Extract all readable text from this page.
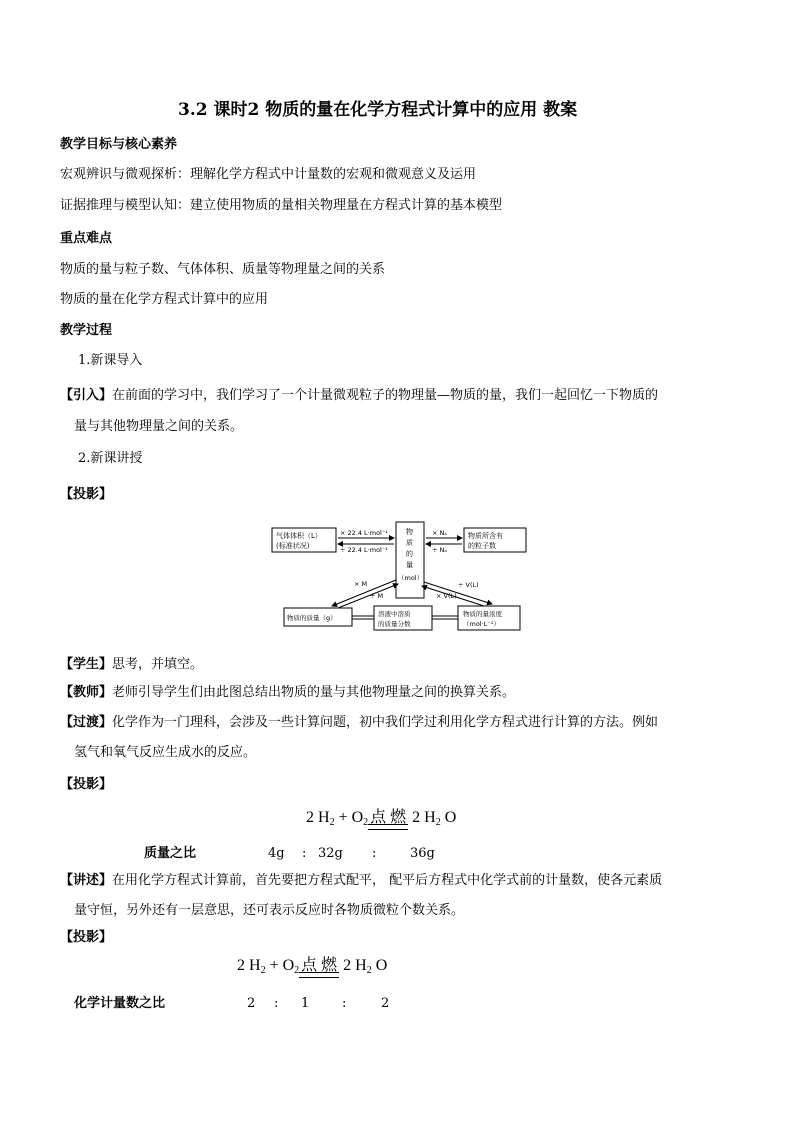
3.2 课时2 物质的量在化学方程式计算中的应用 教案
教学目标与核心素养
宏观辨识与微观探析：理解化学方程式中计量数的宏观和微观意义及运用
证据推理与模型认知：建立使用物质的量相关物理量在方程式计算的基本模型
重点难点
物质的量与粒子数、气体体积、质量等物理量之间的关系
物质的量在化学方程式计算中的应用
教学过程
1.新课导入
【引入】在前面的学习中，我们学习了一个计量微观粒子的物理量—物质的量，我们一起回忆一下物质的
量与其他物理量之间的关系。
2.新课讲授
【投影】
气体体积（L）
(标准状况)
× 22.4 L·mol⁻¹
÷ 22.4 L·mol⁻¹
物
质
的
量
（mol）
× Nₐ
÷ Nₐ
物质所含有
的粒子数
× M
÷ M
÷ V(L)
× V(L)
物质的质量（g）	溶液中溶质
的质量分数
物质的量浓度
（mol·L⁻¹）
【学生】思考，并填空。
【教师】老师引导学生们由此图总结出物质的量与其他物理量之间的换算关系。
【过渡】化学作为一门理科，会涉及一些计算问题，初中我们学过利用化学方程式进行计算的方法。例如
氢气和氧气反应生成水的反应。
【投影】
2 $H_2 + O_2$ 点 燃 2 $H_2$ O
质量之比	4g : 32g :	36g
【讲述】在用化学方程式计算前，首先要把方程式配平， 配平后方程式中化学式前的计量数，使各元素质
量守恒，另外还有一层意思，还可表示反应时各物质微粒个数关系。
【投影】
2 $H_2 + O_2$ 点 燃 2 $H_2$ O
化学计量数之比	2 : 1	:	2
